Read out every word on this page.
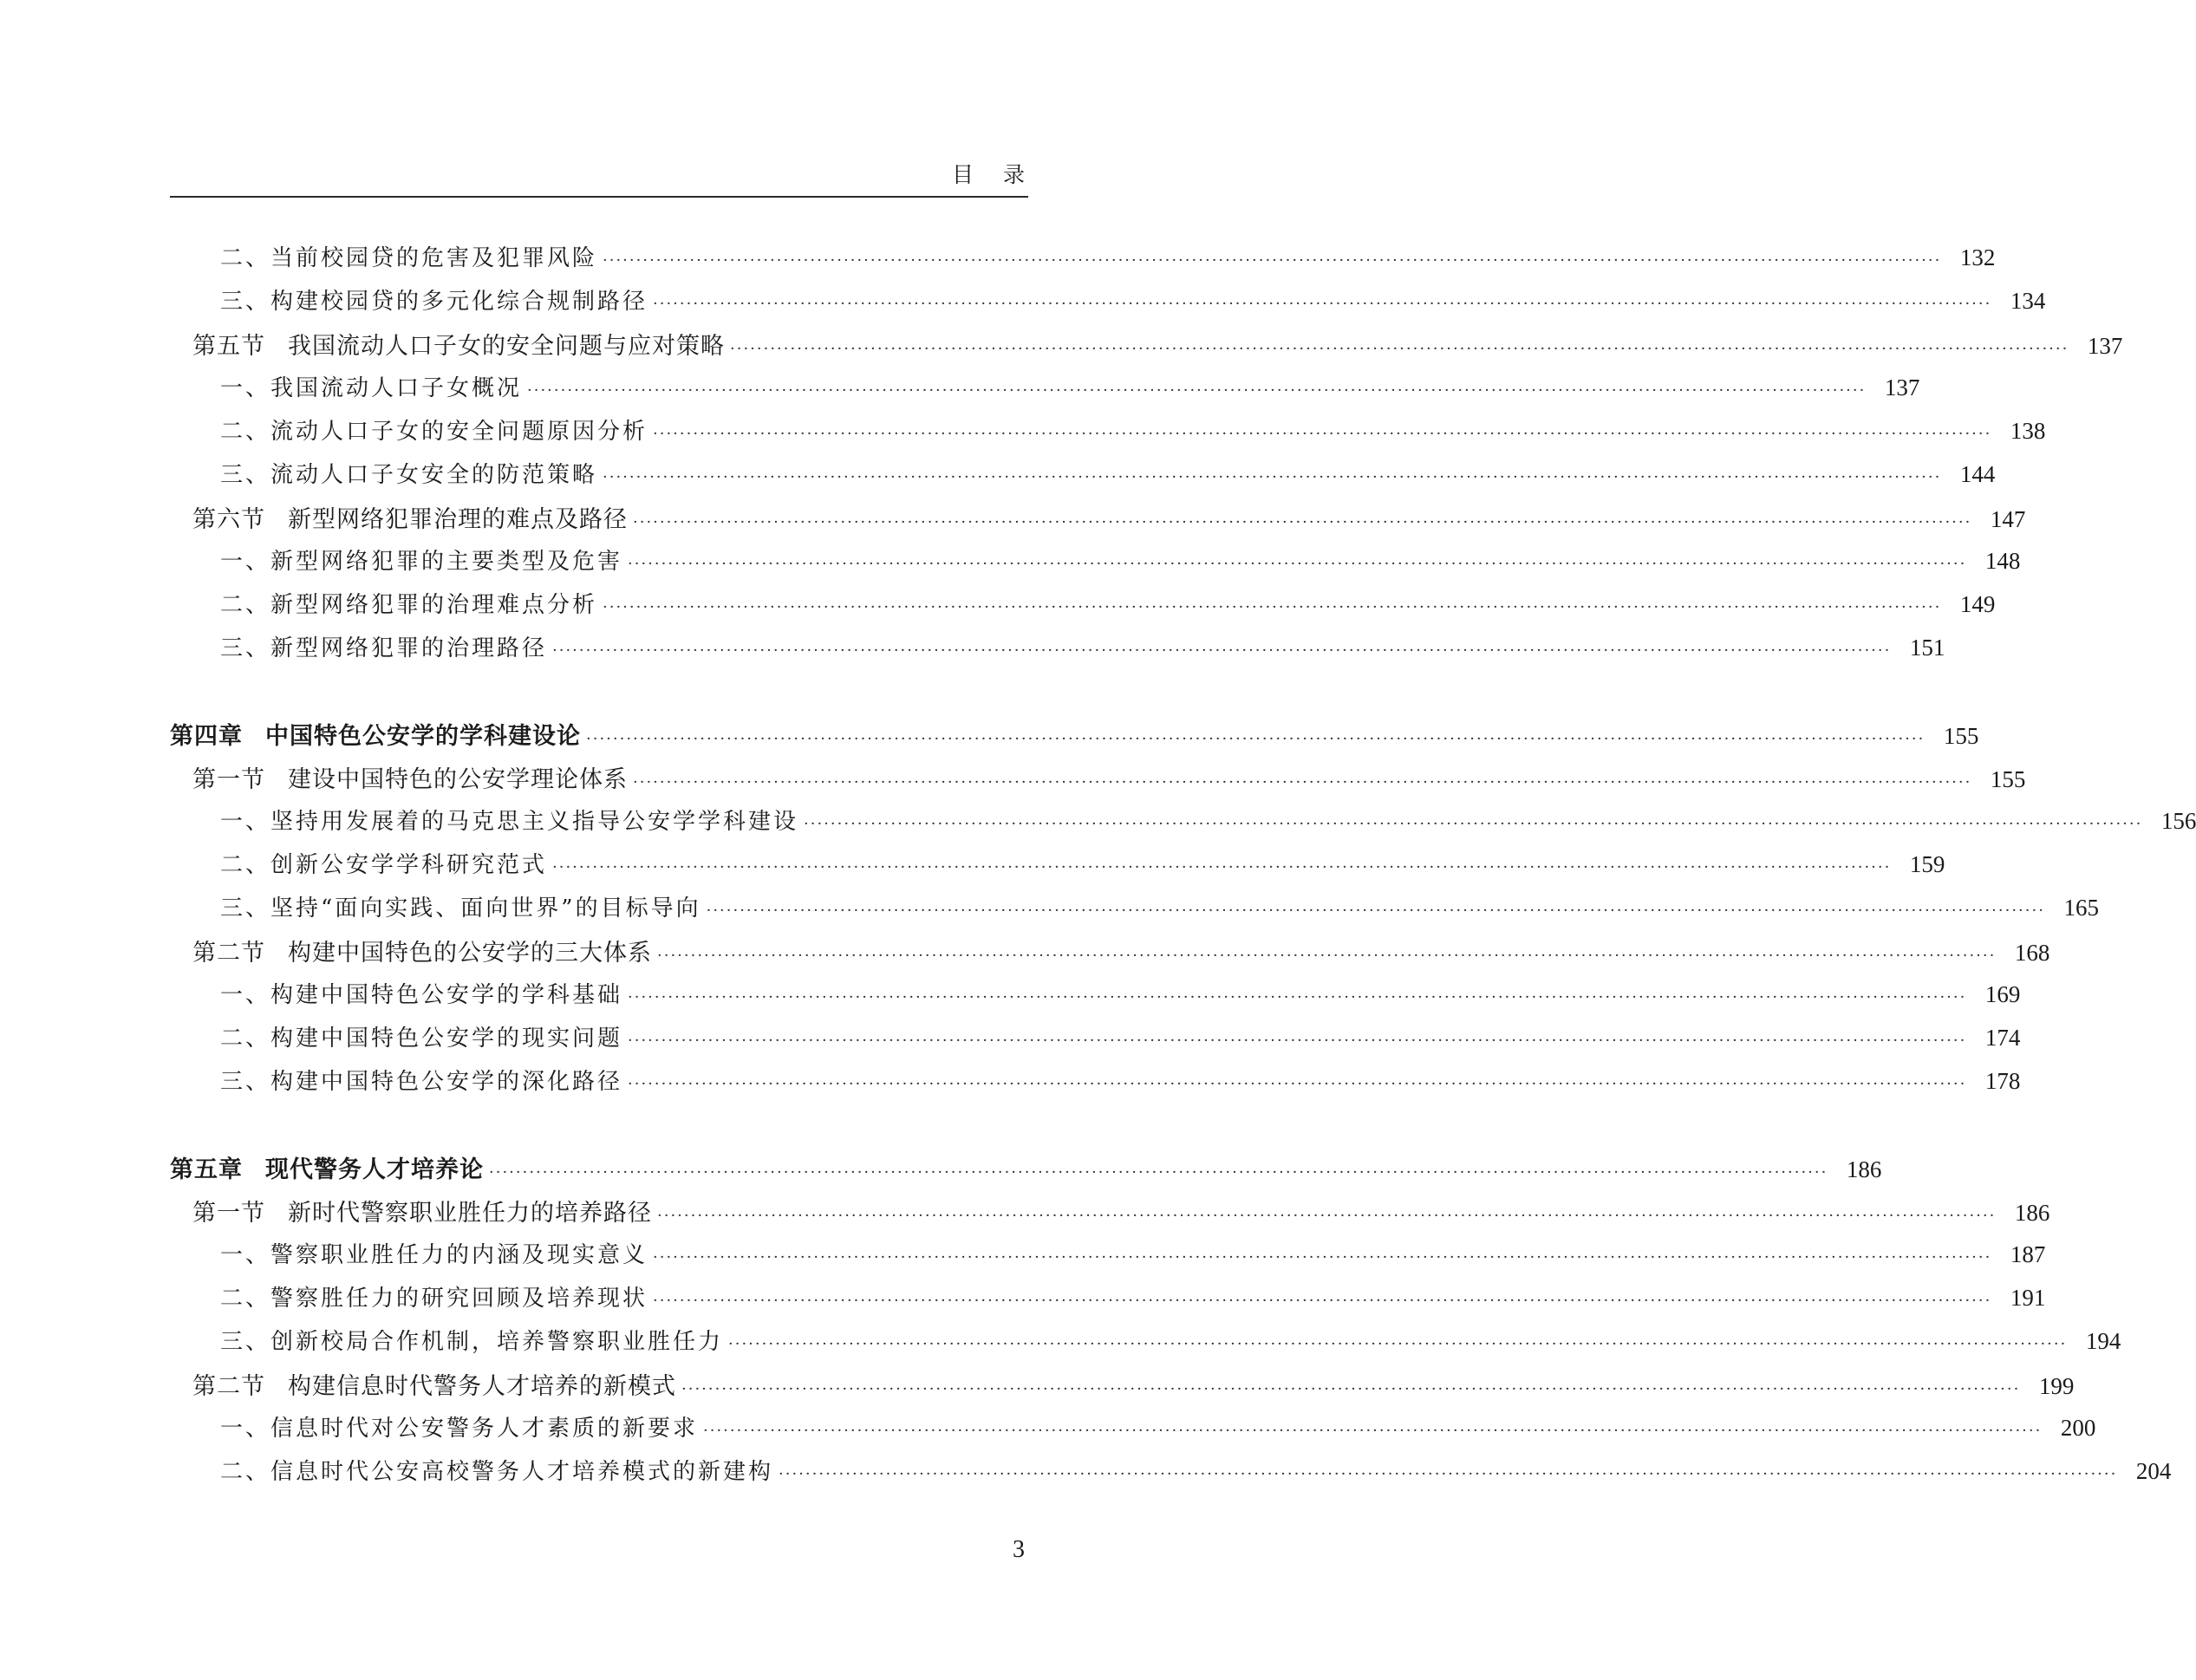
目录
二、当前校园贷的危害及犯罪风险 ········································································································································································································ 132
三、构建校园贷的多元化综合规制路径 ········································································································································································································ 134
第五节 我国流动人口子女的安全问题与应对策略 ········································································································································································································ 137
一、我国流动人口子女概况 ········································································································································································································ 137
二、流动人口子女的安全问题原因分析 ········································································································································································································ 138
三、流动人口子女安全的防范策略 ········································································································································································································ 144
第六节 新型网络犯罪治理的难点及路径 ········································································································································································································ 147
一、新型网络犯罪的主要类型及危害 ········································································································································································································ 148
二、新型网络犯罪的治理难点分析 ········································································································································································································ 149
三、新型网络犯罪的治理路径 ········································································································································································································ 151
第四章 中国特色公安学的学科建设论 ········································································································································································································ 155
第一节 建设中国特色的公安学理论体系 ········································································································································································································ 155
一、坚持用发展着的马克思主义指导公安学学科建设 ········································································································································································································ 156
二、创新公安学学科研究范式 ········································································································································································································ 159
三、坚持“面向实践、面向世界”的目标导向 ········································································································································································································ 165
第二节 构建中国特色的公安学的三大体系 ········································································································································································································ 168
一、构建中国特色公安学的学科基础 ········································································································································································································ 169
二、构建中国特色公安学的现实问题 ········································································································································································································ 174
三、构建中国特色公安学的深化路径 ········································································································································································································ 178
第五章 现代警务人才培养论 ········································································································································································································ 186
第一节 新时代警察职业胜任力的培养路径 ········································································································································································································ 186
一、警察职业胜任力的内涵及现实意义 ········································································································································································································ 187
二、警察胜任力的研究回顾及培养现状 ········································································································································································································ 191
三、创新校局合作机制，培养警察职业胜任力 ········································································································································································································ 194
第二节 构建信息时代警务人才培养的新模式 ········································································································································································································ 199
一、信息时代对公安警务人才素质的新要求 ········································································································································································································ 200
二、信息时代公安高校警务人才培养模式的新建构 ········································································································································································································ 204
3
